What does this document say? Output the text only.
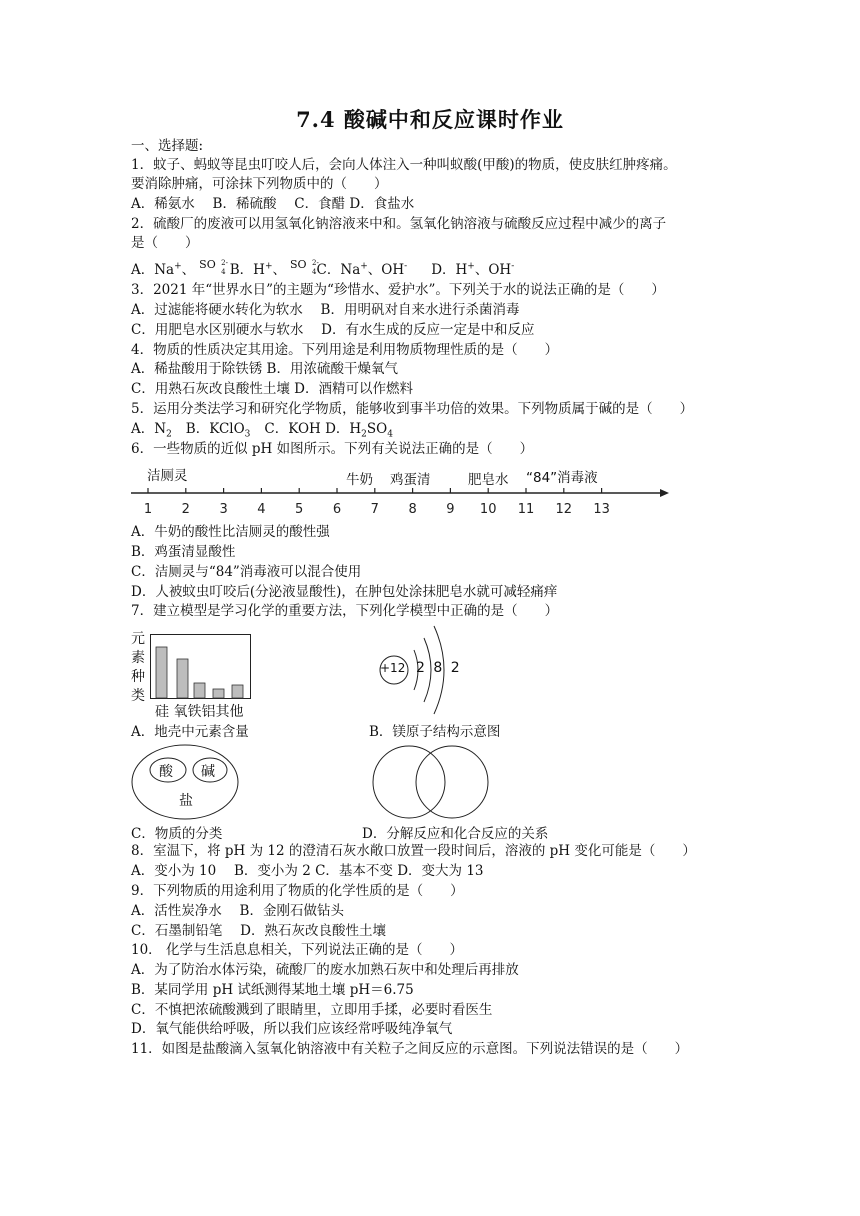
7.4 酸碱中和反应课时作业
一、选择题:
1．蚊子、蚂蚁等昆虫叮咬人后，会向人体注入一种叫蚁酸(甲酸)的物质，使皮肤红肿疼痛。
要消除肿痛，可涂抹下列物质中的（　　）
A．稀氨水　 B．稀硫酸　 C．食醋 D．食盐水
2．硫酸厂的废液可以用氢氧化钠溶液来中和。氢氧化钠溶液与硫酸反应过程中减少的离子
是（　　）
A．Na+、 SO 2-
4 B．H+、 SO 2-
4 C．Na+、OH- D．H+、OH-
3．2021 年“世界水日”的主题为“珍惜水、爱护水”。下列关于水的说法正确的是（　　）
A．过滤能将硬水转化为软水　 B．用明矾对自来水进行杀菌消毒
C．用肥皂水区别硬水与软水　 D．有水生成的反应一定是中和反应
4．物质的性质决定其用途。下列用途是利用物质物理性质的是（　　）
A．稀盐酸用于除铁锈 B．用浓硫酸干燥氧气
C．用熟石灰改良酸性土壤 D．酒精可以作燃料
5．运用分类法学习和研究化学物质，能够收到事半功倍的效果。下列物质属于碱的是（　　）
A．$N_2$ B．KClO$_3$ C．KOH D．$H_2SO_4$
6．一些物质的近似 pH 如图所示。下列有关说法正确的是（　　）
1 2 3 4 5 6 7 8 9 10 11 12 13
洁厕灵	牛奶 鸡蛋清	肥皂水 “84”消毒液
A．牛奶的酸性比洁厕灵的酸性强
B．鸡蛋清显酸性
C．洁厕灵与“84”消毒液可以混合使用
D．人被蚊虫叮咬后(分泌液显酸性)，在肿包处涂抹肥皂水就可减轻痛痒
7．建立模型是学习化学的重要方法，下列化学模型中正确的是（　　）
元
素
种
类
硅 氧铁铝其他
+12 2 8 2
A．地壳中元素含量	B．镁原子结构示意图
酸 碱
盐
C．物质的分类	D．分解反应和化合反应的关系
8．室温下，将 pH 为 12 的澄清石灰水敞口放置一段时间后，溶液的 pH 变化可能是（　　）
A．变小为 10　 B．变小为 2 C．基本不变 D．变大为 13
9．下列物质的用途利用了物质的化学性质的是（　　）
A．活性炭净水　 B．金刚石做钻头
C．石墨制铅笔　 D．熟石灰改良酸性土壤
10． 化学与生活息息相关，下列说法正确的是（　　）
A．为了防治水体污染，硫酸厂的废水加熟石灰中和处理后再排放
B．某同学用 pH 试纸测得某地土壤 pH＝6.75
C．不慎把浓硫酸溅到了眼睛里，立即用手揉，必要时看医生
D．氧气能供给呼吸，所以我们应该经常呼吸纯净氧气
11．如图是盐酸滴入氢氧化钠溶液中有关粒子之间反应的示意图。下列说法错误的是（　　）
